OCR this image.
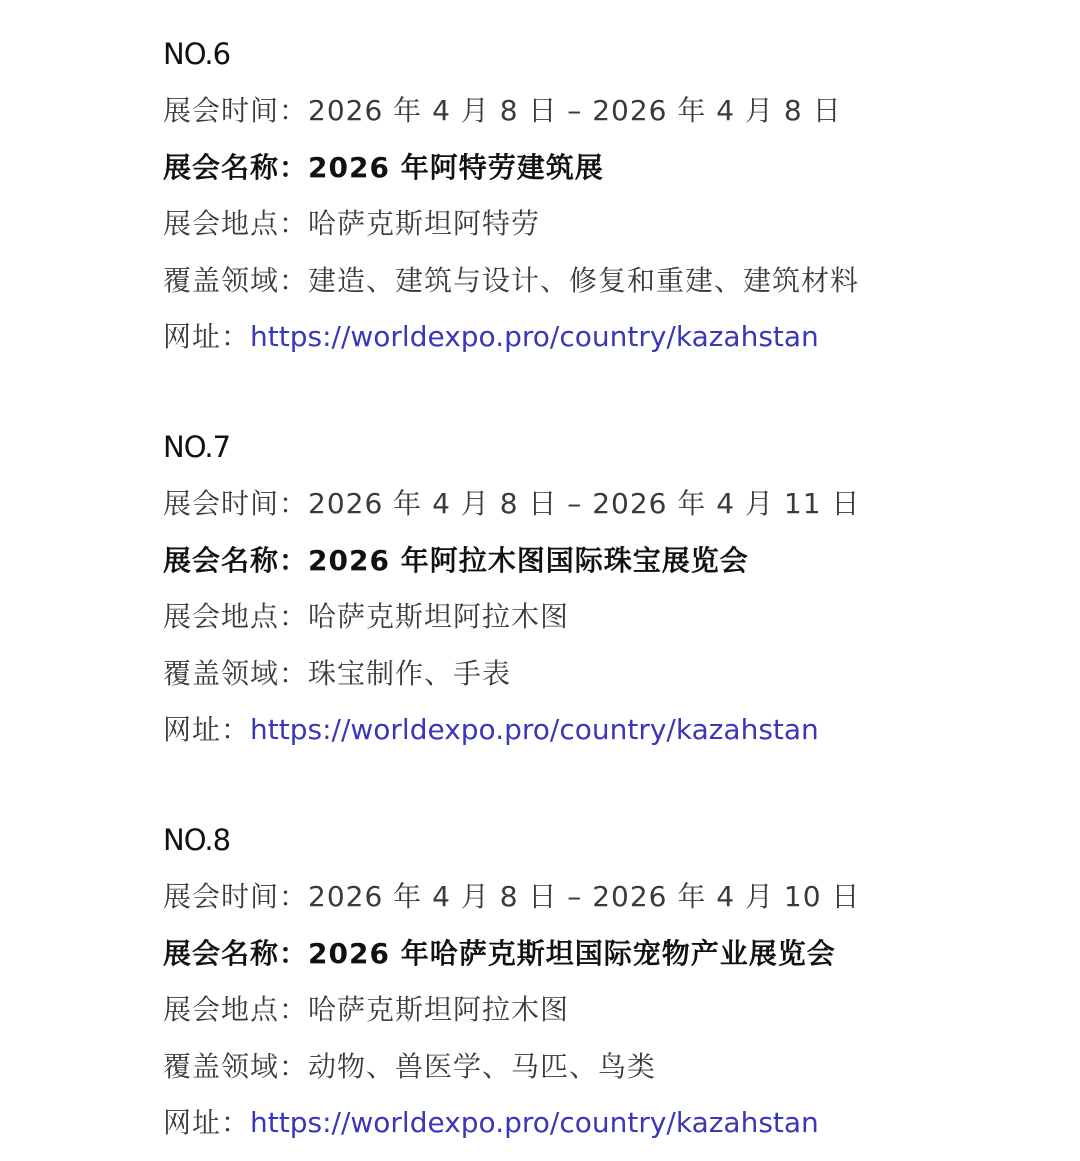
NO.6
展会时间：2026 年 4 月 8 日 – 2026 年 4 月 8 日
展会名称：2026 年阿特劳建筑展
展会地点：哈萨克斯坦阿特劳
覆盖领域：建造、建筑与设计、修复和重建、建筑材料
网址：https://worldexpo.pro/country/kazahstan
NO.7
展会时间：2026 年 4 月 8 日 – 2026 年 4 月 11 日
展会名称：2026 年阿拉木图国际珠宝展览会
展会地点：哈萨克斯坦阿拉木图
覆盖领域：珠宝制作、手表
网址：https://worldexpo.pro/country/kazahstan
NO.8
展会时间：2026 年 4 月 8 日 – 2026 年 4 月 10 日
展会名称：2026 年哈萨克斯坦国际宠物产业展览会
展会地点：哈萨克斯坦阿拉木图
覆盖领域：动物、兽医学、马匹、鸟类
网址：https://worldexpo.pro/country/kazahstan
